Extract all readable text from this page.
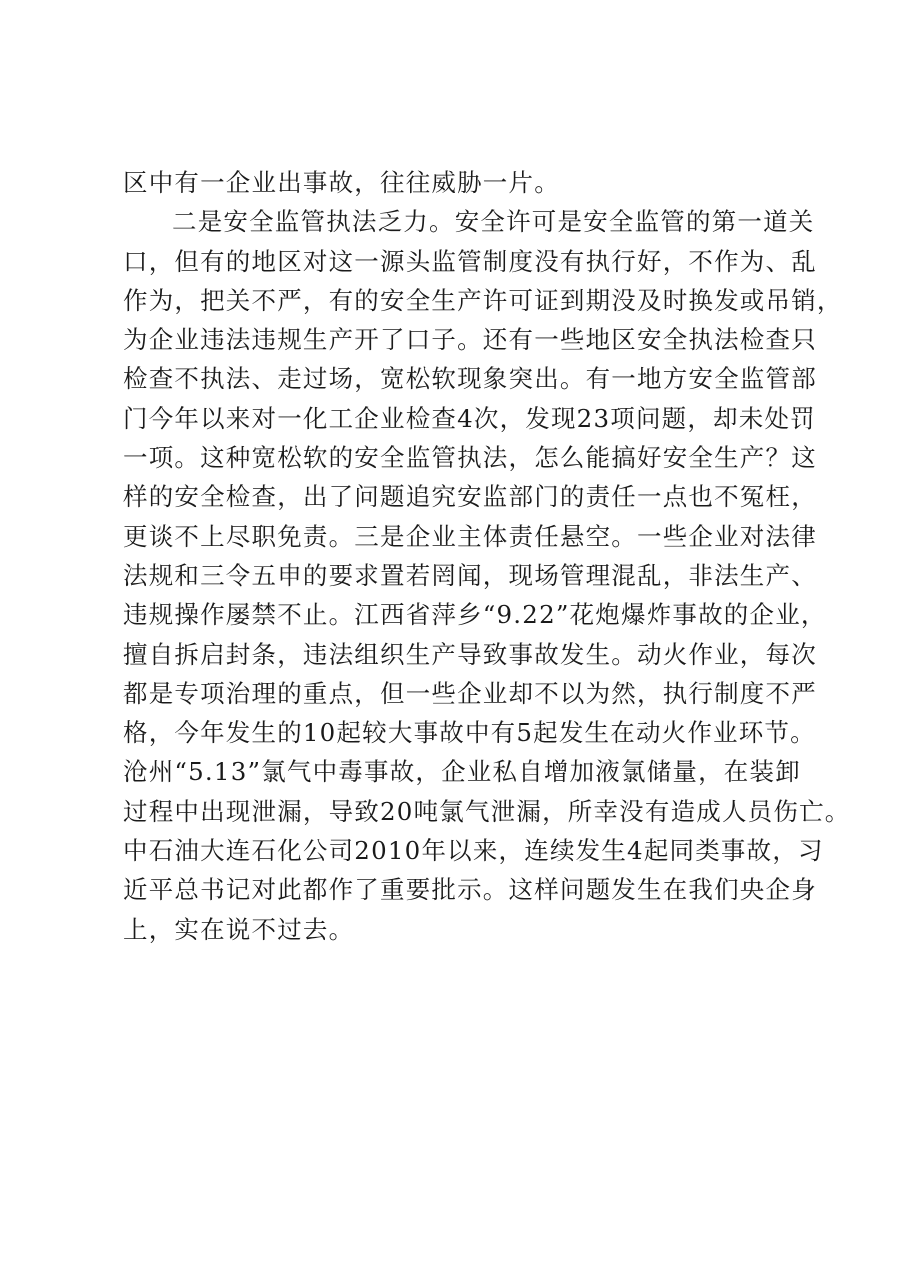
区中有一企业出事故，往往威胁一片。
二是安全监管执法乏力。安全许可是安全监管的第一道关
口，但有的地区对这一源头监管制度没有执行好，不作为、乱
作为，把关不严，有的安全生产许可证到期没及时换发或吊销，
为企业违法违规生产开了口子。还有一些地区安全执法检查只
检查不执法、走过场，宽松软现象突出。有一地方安全监管部
门今年以来对一化工企业检查4次，发现23项问题，却未处罚
一项。这种宽松软的安全监管执法，怎么能搞好安全生产？这
样的安全检查，出了问题追究安监部门的责任一点也不冤枉，
更谈不上尽职免责。三是企业主体责任悬空。一些企业对法律
法规和三令五申的要求置若罔闻，现场管理混乱，非法生产、
违规操作屡禁不止。江西省萍乡“9.22”花炮爆炸事故的企业，
擅自拆启封条，违法组织生产导致事故发生。动火作业，每次
都是专项治理的重点，但一些企业却不以为然，执行制度不严
格，今年发生的10起较大事故中有5起发生在动火作业环节。
沧州“5.13”氯气中毒事故，企业私自增加液氯储量，在装卸
过程中出现泄漏，导致20吨氯气泄漏，所幸没有造成人员伤亡。
中石油大连石化公司2010年以来，连续发生4起同类事故，习
近平总书记对此都作了重要批示。这样问题发生在我们央企身
上，实在说不过去。
